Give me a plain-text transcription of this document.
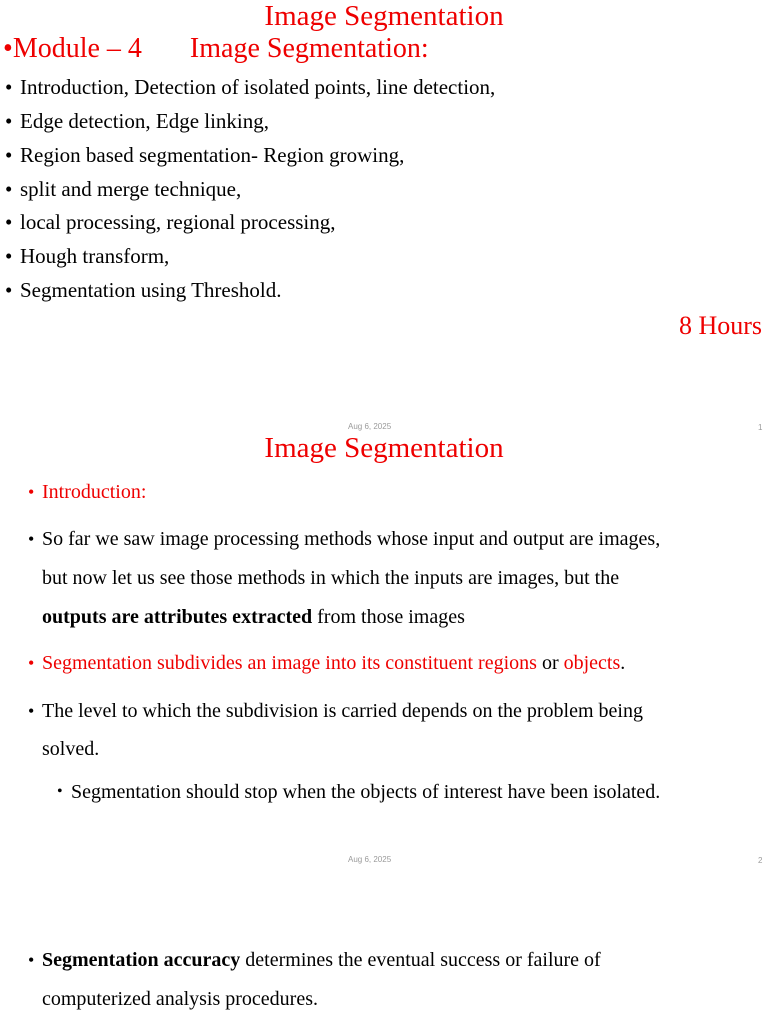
Image Segmentation
•Module – 4 Image Segmentation:
• Introduction, Detection of isolated points, line detection,
• Edge detection, Edge linking,
• Region based segmentation- Region growing,
• split and merge technique,
• local processing, regional processing,
• Hough transform,
• Segmentation using Threshold.
8 Hours
Aug 6, 2025	1
Image Segmentation
• Introduction:
• So far we saw image processing methods whose input and output are images,
but now let us see those methods in which the inputs are images, but the
outputs are attributes extracted from those images
• Segmentation subdivides an image into its constituent regions or objects.
• The level to which the subdivision is carried depends on the problem being
solved.
• Segmentation should stop when the objects of interest have been isolated.
Aug 6, 2025	2
• Segmentation accuracy determines the eventual success or failure of
computerized analysis procedures.
